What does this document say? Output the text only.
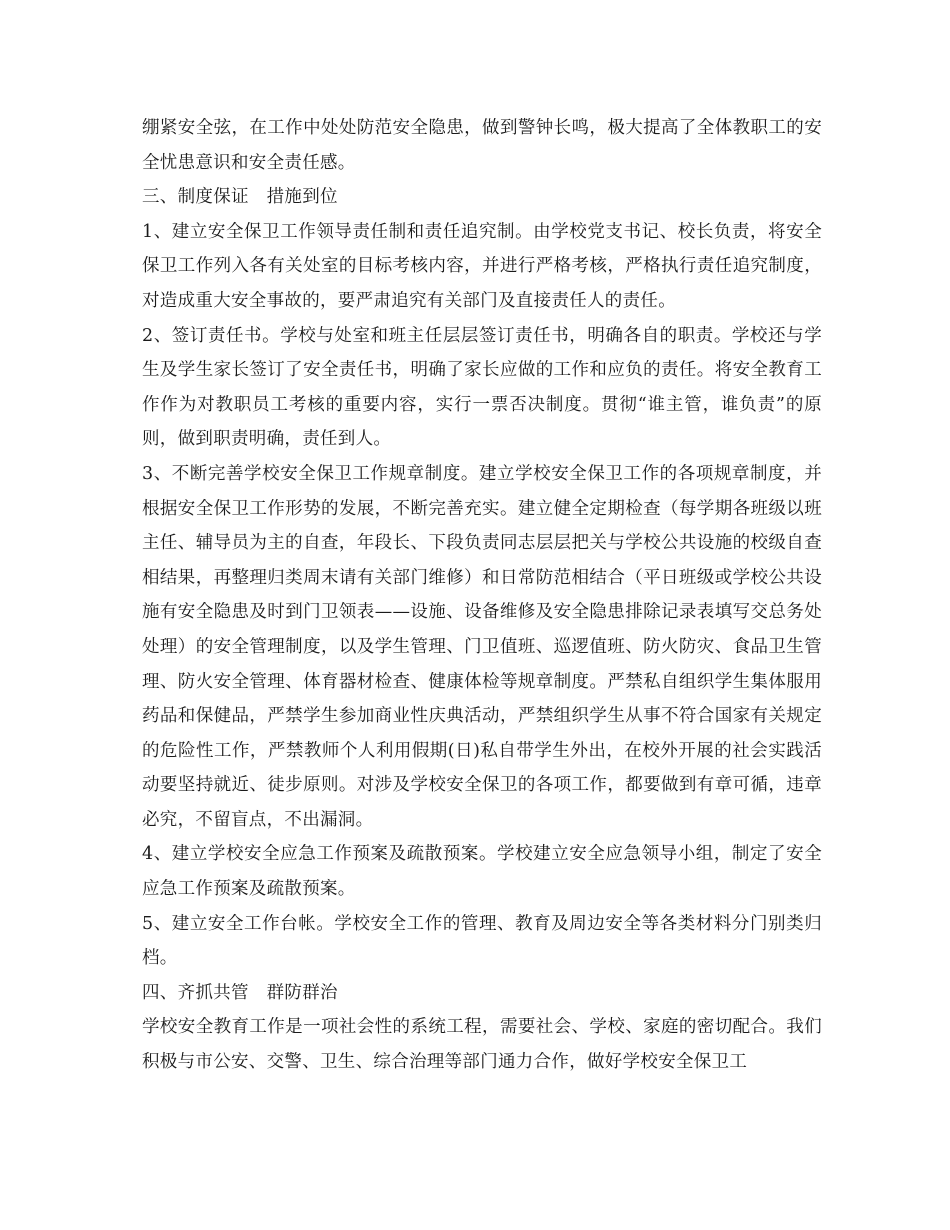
绷紧安全弦，在工作中处处防范安全隐患，做到警钟长鸣，极大提高了全体教职工的安全忧患意识和安全责任感。

三、制度保证　措施到位

1、建立安全保卫工作领导责任制和责任追究制。由学校党支书记、校长负责，将安全保卫工作列入各有关处室的目标考核内容，并进行严格考核，严格执行责任追究制度，对造成重大安全事故的，要严肃追究有关部门及直接责任人的责任。

2、签订责任书。学校与处室和班主任层层签订责任书，明确各自的职责。学校还与学生及学生家长签订了安全责任书，明确了家长应做的工作和应负的责任。将安全教育工作作为对教职员工考核的重要内容，实行一票否决制度。贯彻“谁主管，谁负责”的原则，做到职责明确，责任到人。

3、不断完善学校安全保卫工作规章制度。建立学校安全保卫工作的各项规章制度，并根据安全保卫工作形势的发展，不断完善充实。建立健全定期检查（每学期各班级以班主任、辅导员为主的自查，年段长、下段负责同志层层把关与学校公共设施的校级自查相结果，再整理归类周末请有关部门维修）和日常防范相结合（平日班级或学校公共设施有安全隐患及时到门卫领表——设施、设备维修及安全隐患排除记录表填写交总务处处理）的安全管理制度，以及学生管理、门卫值班、巡逻值班、防火防灾、食品卫生管理、防火安全管理、体育器材检查、健康体检等规章制度。严禁私自组织学生集体服用药品和保健品，严禁学生参加商业性庆典活动，严禁组织学生从事不符合国家有关规定的危险性工作，严禁教师个人利用假期(日)私自带学生外出，在校外开展的社会实践活动要坚持就近、徒步原则。对涉及学校安全保卫的各项工作，都要做到有章可循，违章必究，不留盲点，不出漏洞。

4、建立学校安全应急工作预案及疏散预案。学校建立安全应急领导小组，制定了安全应急工作预案及疏散预案。

5、建立安全工作台帐。学校安全工作的管理、教育及周边安全等各类材料分门别类归档。

四、齐抓共管　群防群治

学校安全教育工作是一项社会性的系统工程，需要社会、学校、家庭的密切配合。我们积极与市公安、交警、卫生、综合治理等部门通力合作，做好学校安全保卫工
